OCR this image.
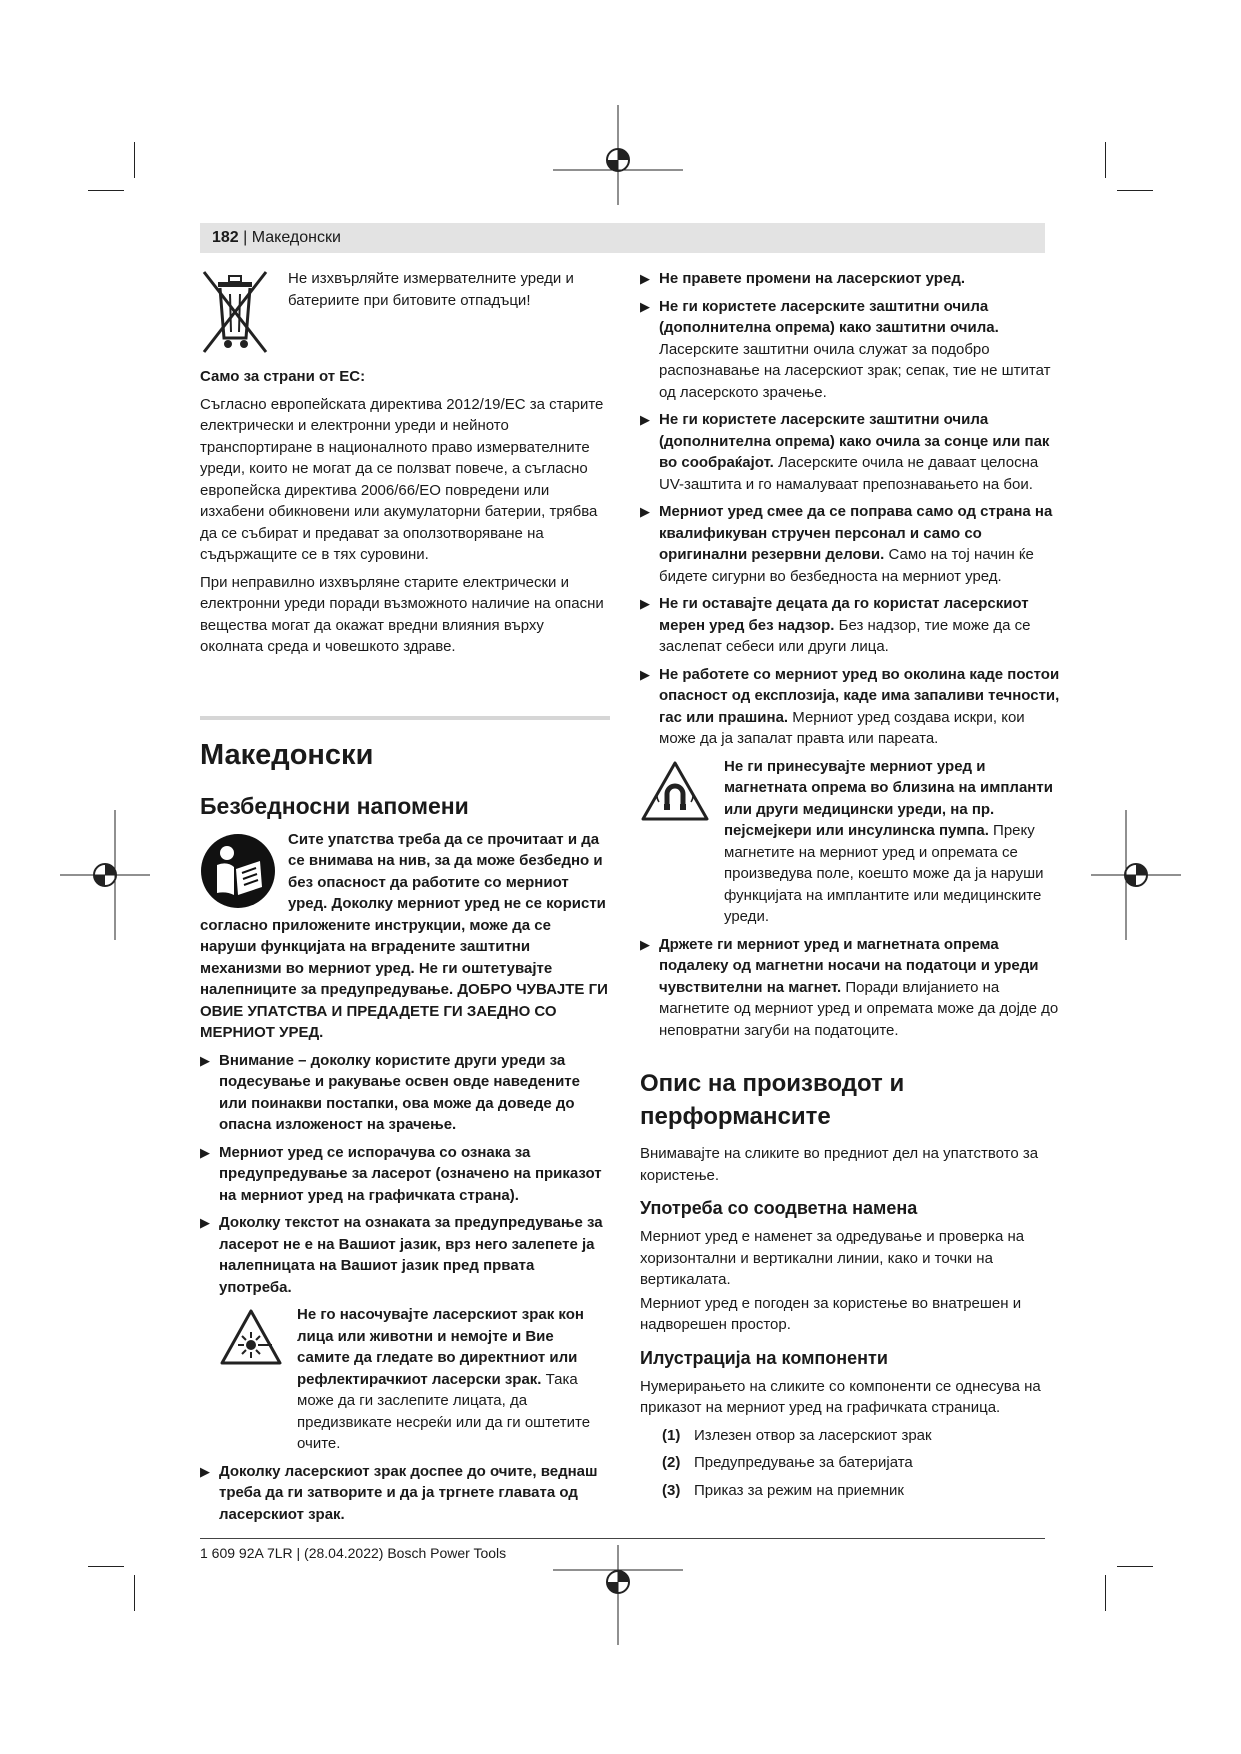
182 | Македонски
Не изхвърляйте измервателните уреди и батериите при битовите отпадъци!
Само за страни от ЕС:
Съгласно европейската директива 2012/19/ЕС за старите електрически и електронни уреди и нейното транспортиране в националното право измервателните уреди, които не могат да се ползват повече, а съгласно европейска директива 2006/66/ЕО повредени или изхабени обикновени или акумулаторни батерии, трябва да се събират и предават за оползотворяване на съдържащите се в тях суровини.
При неправилно изхвърляне старите електрически и електронни уреди поради възможното наличие на опасни вещества могат да окажат вредни влияния върху околната среда и човешкото здраве.
Македонски
Безбедносни напомени
Сите упатства треба да се прочитаат и да се внимава на нив, за да може безбедно и без опасност да работите со мерниот уред. Доколку мерниот уред не се користи согласно приложените инструкции, може да се наруши функцијата на вградените заштитни механизми во мерниот уред. Не ги оштетувајте налепниците за предупредување. ДОБРО ЧУВАЈТЕ ГИ ОВИЕ УПАТСТВА И ПРЕДАДЕТЕ ГИ ЗАЕДНО СО МЕРНИОТ УРЕД.
▶ Внимание – доколку користите други уреди за подесување и ракување освен овде наведените или поинакви постапки, ова може да доведе до опасна изложеност на зрачење.
▶ Мерниот уред се испорачува со ознака за предупредување за ласерот (означено на приказот на мерниот уред на графичката страна).
▶ Доколку текстот на ознаката за предупредување за ласерот не е на Вашиот јазик, врз него залепете ја налепницата на Вашиот јазик пред првата употреба.
Не го насочувајте ласерскиот зрак кон лица или животни и немојте и Вие самите да гледате во директниот или рефлектирачкиот ласерски зрак. Така може да ги заслепите лицата, да предизвикате несреќи или да ги оштетите очите.
▶ Доколку ласерскиот зрак доспее до очите, веднаш треба да ги затворите и да ја тргнете главата од ласерскиот зрак.
▶ Не правете промени на ласерскиот уред.
▶ Не ги користете ласерските заштитни очила (дополнителна опрема) како заштитни очила. Ласерските заштитни очила служат за подобро распознавање на ласерскиот зрак; сепак, тие не штитат од ласерското зрачење.
▶ Не ги користете ласерските заштитни очила (дополнителна опрема) како очила за сонце или пак во сообраќајот. Ласерските очила не даваат целосна UV-заштита и го намалуваат препознавањето на бои.
▶ Мерниот уред смее да се поправа само од страна на квалификуван стручен персонал и само со оригинални резервни делови. Само на тој начин ќе бидете сигурни во безбедноста на мерниот уред.
▶ Не ги оставајте децата да го користат ласерскиот мерен уред без надзор. Без надзор, тие може да се заслепат себеси или други лица.
▶ Не работете со мерниот уред во околина каде постои опасност од експлозија, каде има запаливи течности, гас или прашина. Мерниот уред создава искри, кои може да ја запалат правта или пареата.
Не ги принесувајте мерниот уред и магнетната опрема во близина на импланти или други медицински уреди, на пр. пејсмејкери или инсулинска пумпа. Преку магнетите на мерниот уред и опремата се произведува поле, коешто може да ја наруши функцијата на имплантите или медицинските уреди.
▶ Држете ги мерниот уред и магнетната опрема подалеку од магнетни носачи на податоци и уреди чувствителни на магнет. Поради влијанието на магнетите од мерниот уред и опремата може да дојде до неповратни загуби на податоците.
Опис на производот и перформансите
Внимавајте на сликите во предниот дел на упатството за користење.
Употреба со соодветна намена
Мерниот уред е наменет за одредување и проверка на хоризонтални и вертикални линии, како и точки на вертикалата.
Мерниот уред е погоден за користење во внатрешен и надворешен простор.
Илустрација на компоненти
Нумерирањето на сликите со компоненти се однесува на приказот на мерниот уред на графичката страница.
(1) Излезен отвор за ласерскиот зрак
(2) Предупредување за батеријата
(3) Приказ за режим на приемник
1 609 92A 7LR | (28.04.2022) Bosch Power Tools
